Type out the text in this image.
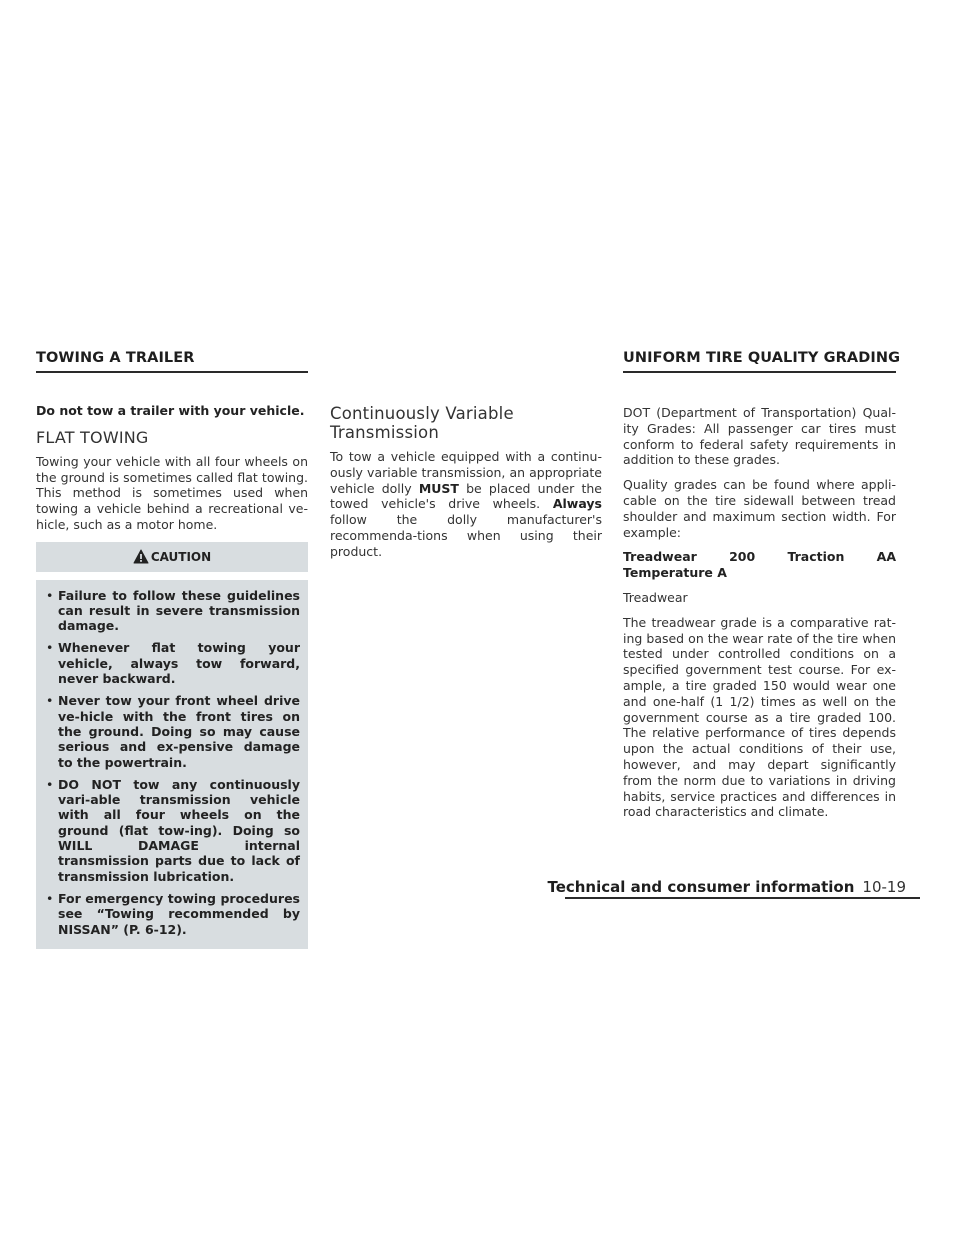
TOWING A TRAILER	UNIFORM TIRE QUALITY GRADING

Do not tow a trailer with your vehicle.

FLAT TOWING

Towing your vehicle with all four wheels on the ground is sometimes called flat towing. This method is sometimes used when towing a vehicle behind a recreational ve-hicle, such as a motor home.

CAUTION
• Failure to follow these guidelines can result in severe transmission damage.
• Whenever flat towing your vehicle, always tow forward, never backward.
• Never tow your front wheel drive ve-hicle with the front tires on the ground. Doing so may cause serious and ex-pensive damage to the powertrain.
• DO NOT tow any continuously vari-able transmission vehicle with all four wheels on the ground (flat tow-ing). Doing so WILL DAMAGE internal transmission parts due to lack of transmission lubrication.
• For emergency towing procedures see “Towing recommended by NISSAN” (P. 6-12).
Continuously Variable Transmission

To tow a vehicle equipped with a continu-ously variable transmission, an appropriate vehicle dolly MUST be placed under the towed vehicle's drive wheels. Always follow the dolly manufacturer's recommenda-tions when using their product.

DOT (Department of Transportation) Qual-ity Grades: All passenger car tires must conform to federal safety requirements in addition to these grades.

Quality grades can be found where appli-cable on the tire sidewall between tread shoulder and maximum section width. For example:

Treadwear 200 Traction AA Temperature A

Treadwear

The treadwear grade is a comparative rat-ing based on the wear rate of the tire when tested under controlled conditions on a specified government test course. For ex-ample, a tire graded 150 would wear one and one-half (1 1/2) times as well on the government course as a tire graded 100. The relative performance of tires depends upon the actual conditions of their use, however, and may depart significantly from the norm due to variations in driving habits, service practices and differences in road characteristics and climate.

Technical and consumer information 10-19
